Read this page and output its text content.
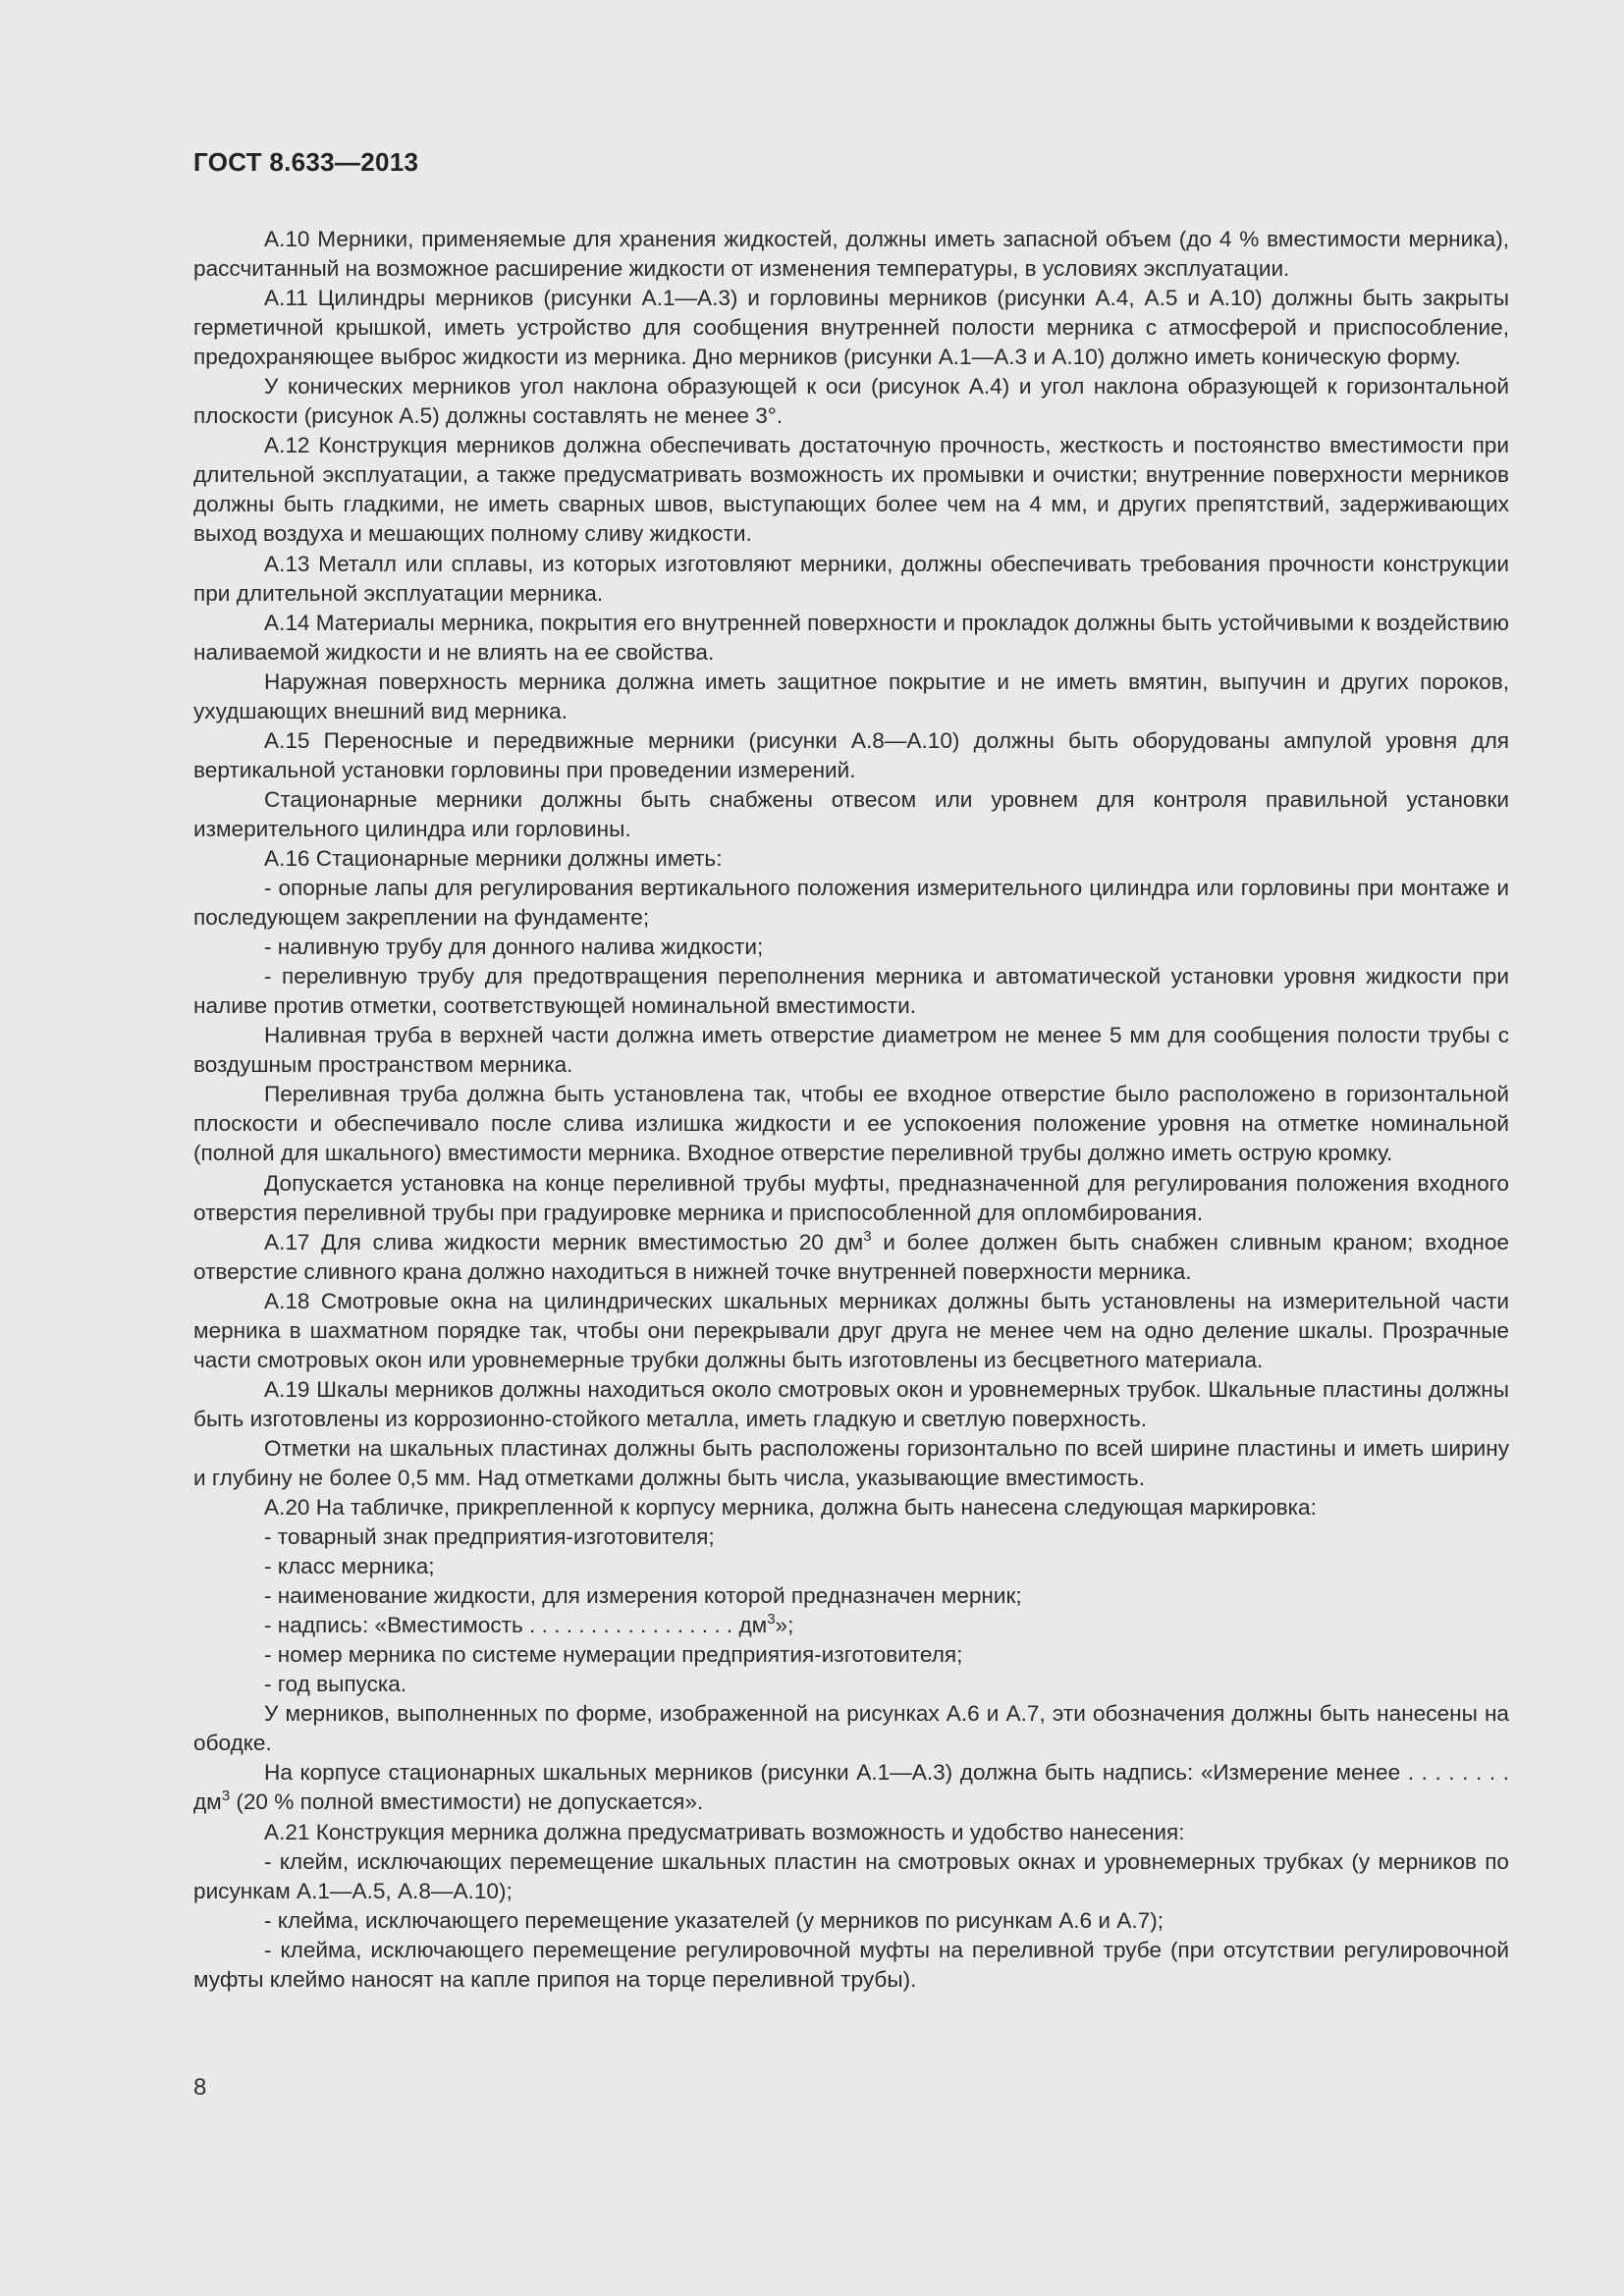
ГОСТ 8.633—2013

А.10 Мерники, применяемые для хранения жидкостей, должны иметь запасной объем (до 4 % вместимости мерника), рассчитанный на возможное расширение жидкости от изменения температуры, в условиях эксплуатации.

А.11 Цилиндры мерников (рисунки А.1—А.3) и горловины мерников (рисунки А.4, А.5 и А.10) должны быть закрыты герметичной крышкой, иметь устройство для сообщения внутренней полости мерника с атмосферой и приспособление, предохраняющее выброс жидкости из мерника. Дно мерников (рисунки А.1—А.3 и А.10) должно иметь коническую форму.

У конических мерников угол наклона образующей к оси (рисунок А.4) и угол наклона образующей к горизонтальной плоскости (рисунок А.5) должны составлять не менее 3°.

А.12 Конструкция мерников должна обеспечивать достаточную прочность, жесткость и постоянство вместимости при длительной эксплуатации, а также предусматривать возможность их промывки и очистки; внутренние поверхности мерников должны быть гладкими, не иметь сварных швов, выступающих более чем на 4 мм, и других препятствий, задерживающих выход воздуха и мешающих полному сливу жидкости.

А.13 Металл или сплавы, из которых изготовляют мерники, должны обеспечивать требования прочности конструкции при длительной эксплуатации мерника.

А.14 Материалы мерника, покрытия его внутренней поверхности и прокладок должны быть устойчивыми к воздействию наливаемой жидкости и не влиять на ее свойства.

Наружная поверхность мерника должна иметь защитное покрытие и не иметь вмятин, выпучин и других пороков, ухудшающих внешний вид мерника.

А.15 Переносные и передвижные мерники (рисунки А.8—А.10) должны быть оборудованы ампулой уровня для вертикальной установки горловины при проведении измерений.

Стационарные мерники должны быть снабжены отвесом или уровнем для контроля правильной установки измерительного цилиндра или горловины.

А.16 Стационарные мерники должны иметь:

- опорные лапы для регулирования вертикального положения измерительного цилиндра или горловины при монтаже и последующем закреплении на фундаменте;

- наливную трубу для донного налива жидкости;

- переливную трубу для предотвращения переполнения мерника и автоматической установки уровня жидкости при наливе против отметки, соответствующей номинальной вместимости.

Наливная труба в верхней части должна иметь отверстие диаметром не менее 5 мм для сообщения полости трубы с воздушным пространством мерника.

Переливная труба должна быть установлена так, чтобы ее входное отверстие было расположено в горизонтальной плоскости и обеспечивало после слива излишка жидкости и ее успокоения положение уровня на отметке номинальной (полной для шкального) вместимости мерника. Входное отверстие переливной трубы должно иметь острую кромку.

Допускается установка на конце переливной трубы муфты, предназначенной для регулирования положения входного отверстия переливной трубы при градуировке мерника и приспособленной для опломбирования.

А.17 Для слива жидкости мерник вместимостью 20 $дм^3$ и более должен быть снабжен сливным краном; входное отверстие сливного крана должно находиться в нижней точке внутренней поверхности мерника.

А.18 Смотровые окна на цилиндрических шкальных мерниках должны быть установлены на измерительной части мерника в шахматном порядке так, чтобы они перекрывали друг друга не менее чем на одно деление шкалы. Прозрачные части смотровых окон или уровнемерные трубки должны быть изготовлены из бесцветного материала.

А.19 Шкалы мерников должны находиться около смотровых окон и уровнемерных трубок. Шкальные пластины должны быть изготовлены из коррозионно-стойкого металла, иметь гладкую и светлую поверхность.

Отметки на шкальных пластинах должны быть расположены горизонтально по всей ширине пластины и иметь ширину и глубину не более 0,5 мм. Над отметками должны быть числа, указывающие вместимость.

А.20 На табличке, прикрепленной к корпусу мерника, должна быть нанесена следующая маркировка:

- товарный знак предприятия-изготовителя;

- класс мерника;

- наименование жидкости, для измерения которой предназначен мерник;

- надпись: «Вместимость . . . . . . . . . . . . . . . . . $дм^3$»;

- номер мерника по системе нумерации предприятия-изготовителя;

- год выпуска.

У мерников, выполненных по форме, изображенной на рисунках А.6 и А.7, эти обозначения должны быть нанесены на ободке.

На корпусе стационарных шкальных мерников (рисунки А.1—А.3) должна быть надпись: «Измерение менее . . . . . . . . $дм^3$ (20 % полной вместимости) не допускается».

А.21 Конструкция мерника должна предусматривать возможность и удобство нанесения:

- клейм, исключающих перемещение шкальных пластин на смотровых окнах и уровнемерных трубках (у мерников по рисункам А.1—А.5, А.8—А.10);

- клейма, исключающего перемещение указателей (у мерников по рисункам А.6 и А.7);

- клейма, исключающего перемещение регулировочной муфты на переливной трубе (при отсутствии регулировочной муфты клеймо наносят на капле припоя на торце переливной трубы).

8
